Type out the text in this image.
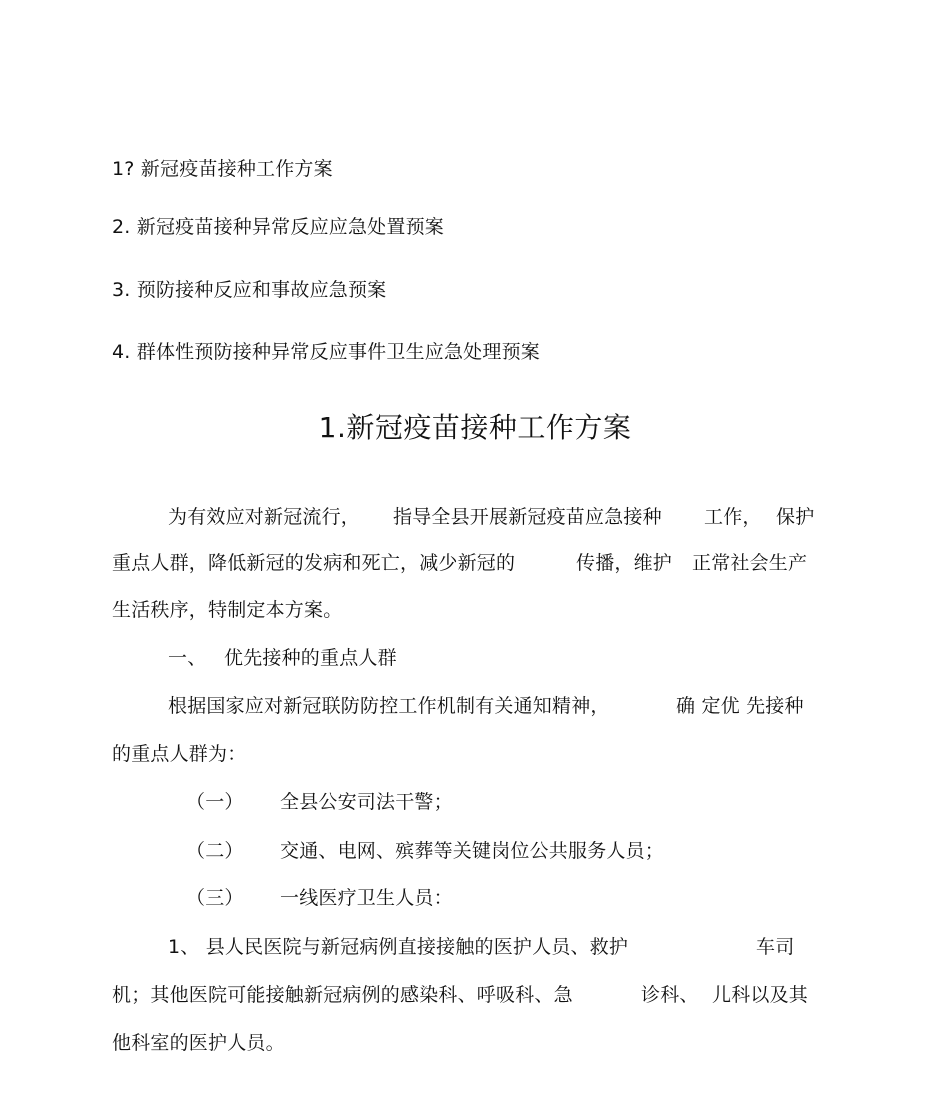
1? 新冠疫苗接种工作方案
2. 新冠疫苗接种异常反应应急处置预案
3. 预防接种反应和事故应急预案
4. 群体性预防接种异常反应事件卫生应急处理预案
1.新冠疫苗接种工作方案
为有效应对新冠流行， 指导全县开展新冠疫苗应急接种 工作， 保护
重点人群，降低新冠的发病和死亡，减少新冠的	传播，维护 正常社会生产
生活秩序，特制定本方案。
一、 优先接种的重点人群
根据国家应对新冠联防防控工作机制有关通知精神，	确 定优 先接种
的重点人群为：
（一） 全县公安司法干警；
（二） 交通、电网、殡葬等关键岗位公共服务人员；
（三） 一线医疗卫生人员：
1、 县人民医院与新冠病例直接接触的医护人员、救护	车司
机；其他医院可能接触新冠病例的感染科、呼吸科、急	诊科、 儿科以及其
他科室的医护人员。
